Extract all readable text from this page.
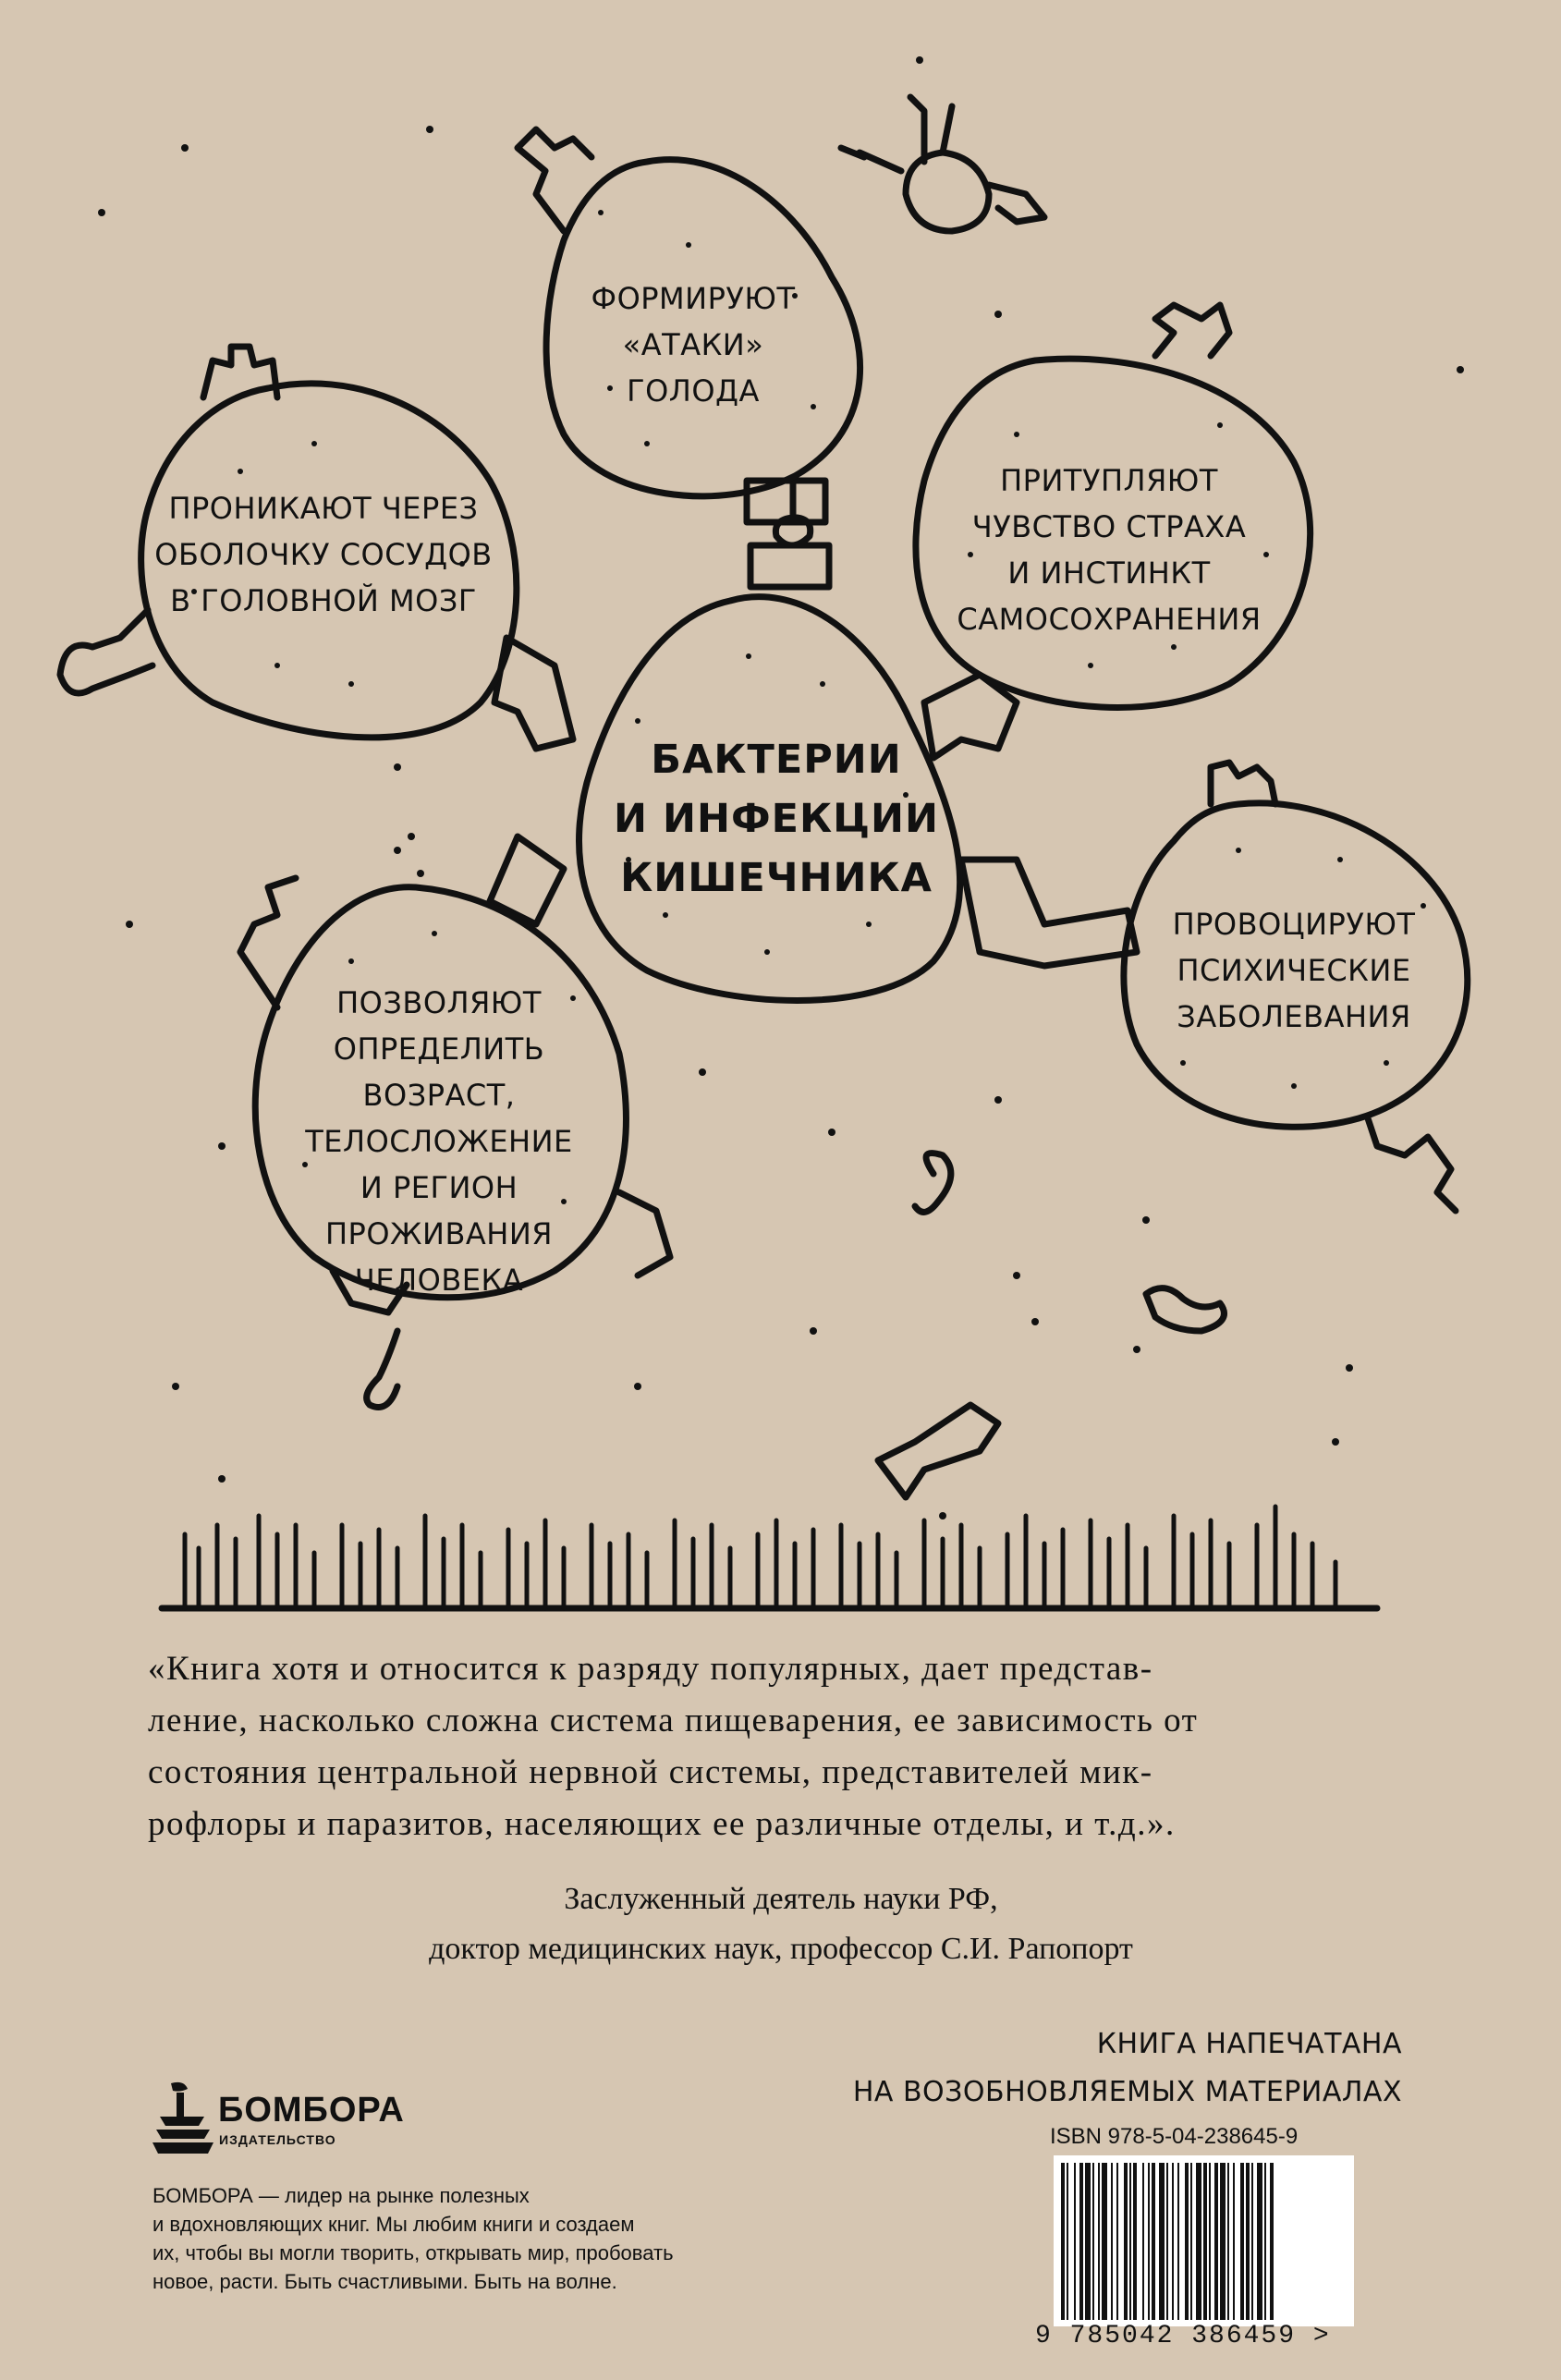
ФОРМИРУЮТ
«АТАКИ»
ГОЛОДА
ПРОНИКАЮТ ЧЕРЕЗ
ОБОЛОЧКУ СОСУДОВ
В ГОЛОВНОЙ МОЗГ
ПРИТУПЛЯЮТ
ЧУВСТВО СТРАХА
И ИНСТИНКТ
САМОСОХРАНЕНИЯ
БАКТЕРИИ
И ИНФЕКЦИИ
КИШЕЧНИКА
ПРОВОЦИРУЮТ
ПСИХИЧЕСКИЕ
ЗАБОЛЕВАНИЯ
ПОЗВОЛЯЮТ
ОПРЕДЕЛИТЬ ВОЗРАСТ,
ТЕЛОСЛОЖЕНИЕ
И РЕГИОН
ПРОЖИВАНИЯ
ЧЕЛОВЕКА
«Книга хотя и относится к разряду популярных, дает представ-
ление, насколько сложна система пищеварения, ее зависимость от
состояния центральной нервной системы, представителей мик-
рофлоры и паразитов, населяющих ее различные отделы, и т.д.».
Заслуженный деятель науки РФ,
доктор медицинских наук, профессор С.И. Рапопорт
КНИГА НАПЕЧАТАНА
НА ВОЗОБНОВЛЯЕМЫХ МАТЕРИАЛАХ
БОМБОРА
ИЗДАТЕЛЬСТВО
БОМБОРА — лидер на рынке полезных
и вдохновляющих книг. Мы любим книги и создаем
их, чтобы вы могли творить, открывать мир, пробовать
новое, расти. Быть счастливыми. Быть на волне.
ISBN 978-5-04-238645-9
9 785042 386459 >
